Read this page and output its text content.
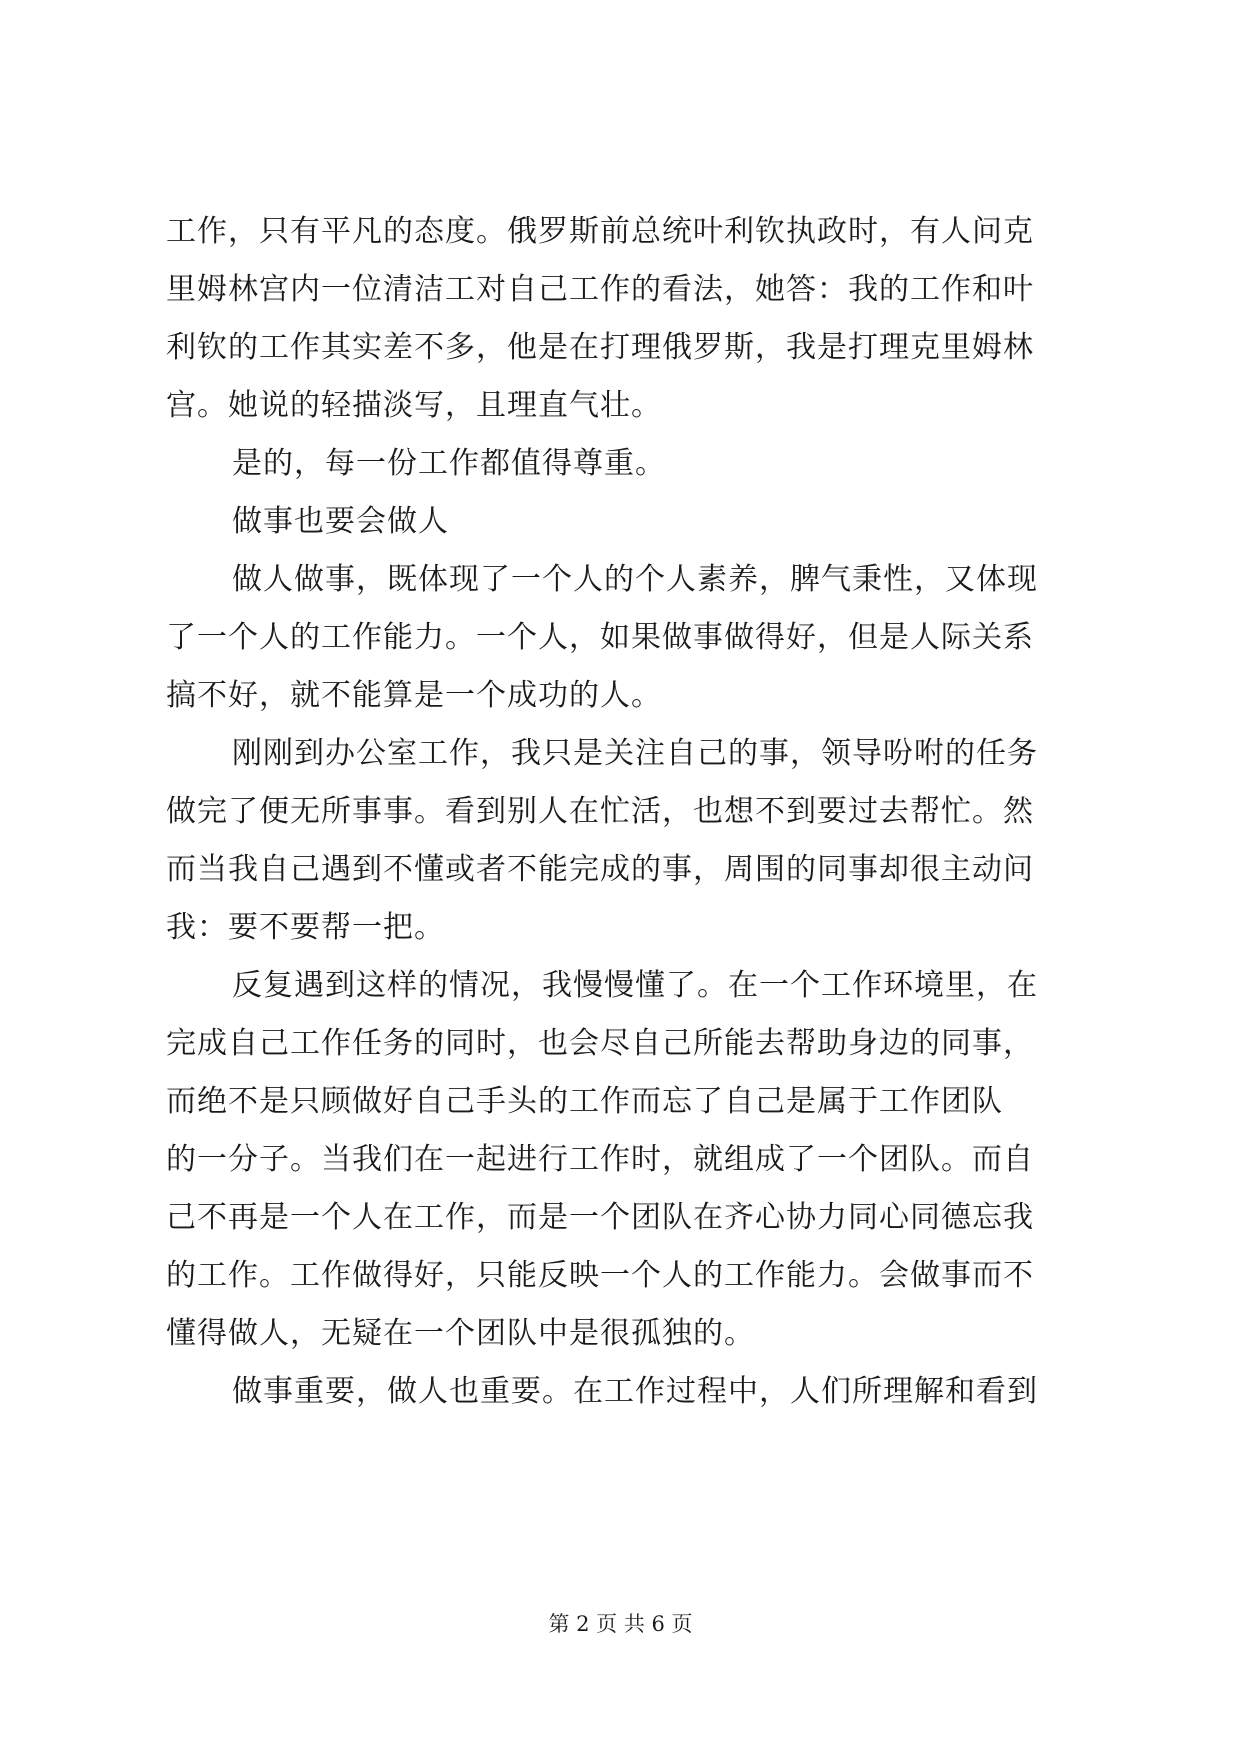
工作，只有平凡的态度。俄罗斯前总统叶利钦执政时，有人问克
里姆林宫内一位清洁工对自己工作的看法，她答：我的工作和叶
利钦的工作其实差不多，他是在打理俄罗斯，我是打理克里姆林
宫。她说的轻描淡写，且理直气壮。
是的，每一份工作都值得尊重。
做事也要会做人
做人做事，既体现了一个人的个人素养，脾气秉性，又体现
了一个人的工作能力。一个人，如果做事做得好，但是人际关系
搞不好，就不能算是一个成功的人。
刚刚到办公室工作，我只是关注自己的事，领导吩咐的任务
做完了便无所事事。看到别人在忙活，也想不到要过去帮忙。然
而当我自己遇到不懂或者不能完成的事，周围的同事却很主动问
我：要不要帮一把。
反复遇到这样的情况，我慢慢懂了。在一个工作环境里，在
完成自己工作任务的同时，也会尽自己所能去帮助身边的同事，
而绝不是只顾做好自己手头的工作而忘了自己是属于工作团队
的一分子。当我们在一起进行工作时，就组成了一个团队。而自
己不再是一个人在工作，而是一个团队在齐心协力同心同德忘我
的工作。工作做得好，只能反映一个人的工作能力。会做事而不
懂得做人，无疑在一个团队中是很孤独的。
做事重要，做人也重要。在工作过程中，人们所理解和看到
第 2 页 共 6 页
